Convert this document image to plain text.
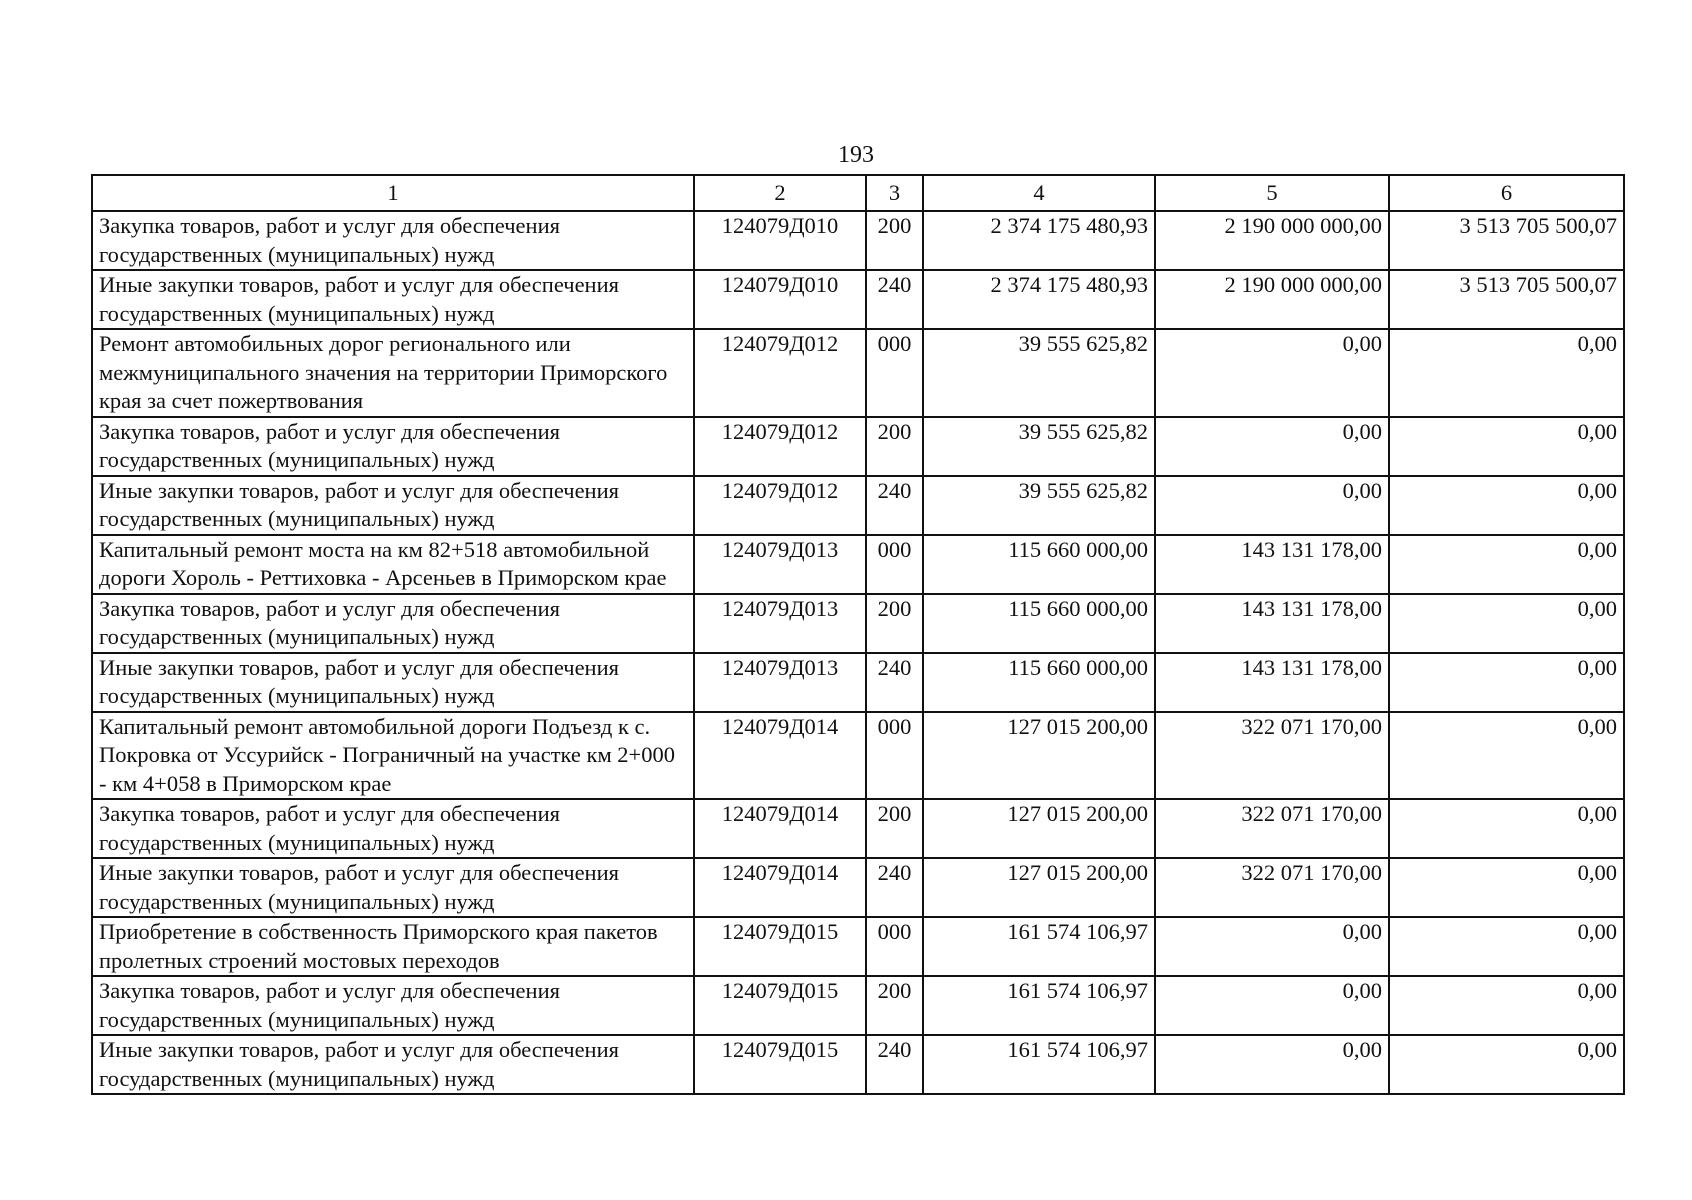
193
1	2	3	4	5	6
Закупка товаров, работ и услуг для обеспечения государственных (муниципальных) нужд	124079Д010	200	2 374 175 480,93	2 190 000 000,00	3 513 705 500,07
Иные закупки товаров, работ и услуг для обеспечения государственных (муниципальных) нужд	124079Д010	240	2 374 175 480,93	2 190 000 000,00	3 513 705 500,07
Ремонт автомобильных дорог регионального или межмуниципального значения на территории Приморского края за счет пожертвования	124079Д012	000	39 555 625,82	0,00	0,00
Закупка товаров, работ и услуг для обеспечения государственных (муниципальных) нужд	124079Д012	200	39 555 625,82	0,00	0,00
Иные закупки товаров, работ и услуг для обеспечения государственных (муниципальных) нужд	124079Д012	240	39 555 625,82	0,00	0,00
Капитальный ремонт моста на км 82+518 автомобильной дороги Хороль - Реттиховка - Арсеньев в Приморском крае	124079Д013	000	115 660 000,00	143 131 178,00	0,00
Закупка товаров, работ и услуг для обеспечения государственных (муниципальных) нужд	124079Д013	200	115 660 000,00	143 131 178,00	0,00
Иные закупки товаров, работ и услуг для обеспечения государственных (муниципальных) нужд	124079Д013	240	115 660 000,00	143 131 178,00	0,00
Капитальный ремонт автомобильной дороги Подъезд к с. Покровка от Уссурийск - Пограничный на участке км 2+000 - км 4+058 в Приморском крае	124079Д014	000	127 015 200,00	322 071 170,00	0,00
Закупка товаров, работ и услуг для обеспечения государственных (муниципальных) нужд	124079Д014	200	127 015 200,00	322 071 170,00	0,00
Иные закупки товаров, работ и услуг для обеспечения государственных (муниципальных) нужд	124079Д014	240	127 015 200,00	322 071 170,00	0,00
Приобретение в собственность Приморского края пакетов пролетных строений мостовых переходов	124079Д015	000	161 574 106,97	0,00	0,00
Закупка товаров, работ и услуг для обеспечения государственных (муниципальных) нужд	124079Д015	200	161 574 106,97	0,00	0,00
Иные закупки товаров, работ и услуг для обеспечения государственных (муниципальных) нужд	124079Д015	240	161 574 106,97	0,00	0,00
